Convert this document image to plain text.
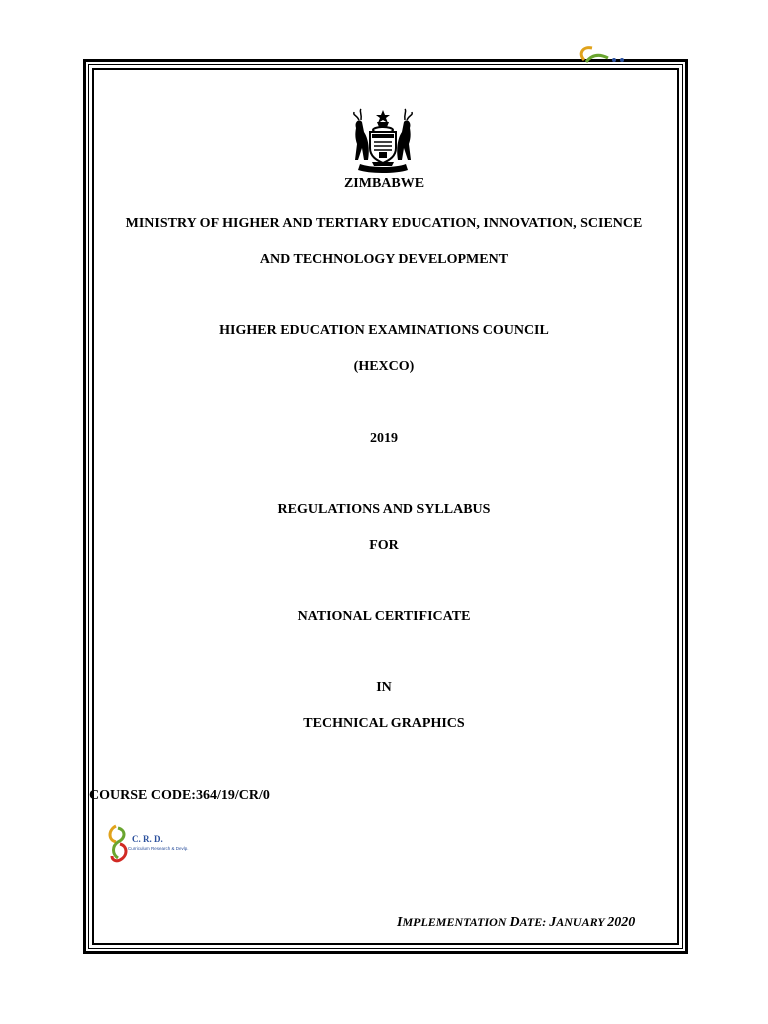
ZIMBABWE
MINISTRY OF HIGHER AND TERTIARY EDUCATION, INNOVATION, SCIENCE
AND TECHNOLOGY DEVELOPMENT
HIGHER EDUCATION EXAMINATIONS COUNCIL
(HEXCO)
2019
REGULATIONS AND SYLLABUS
FOR
NATIONAL CERTIFICATE
IN
TECHNICAL GRAPHICS
COURSE CODE:364/19/CR/0
C. R. D.
Curriculum Research & Devlp.
IMPLEMENTATION DATE: JANUARY 2020
